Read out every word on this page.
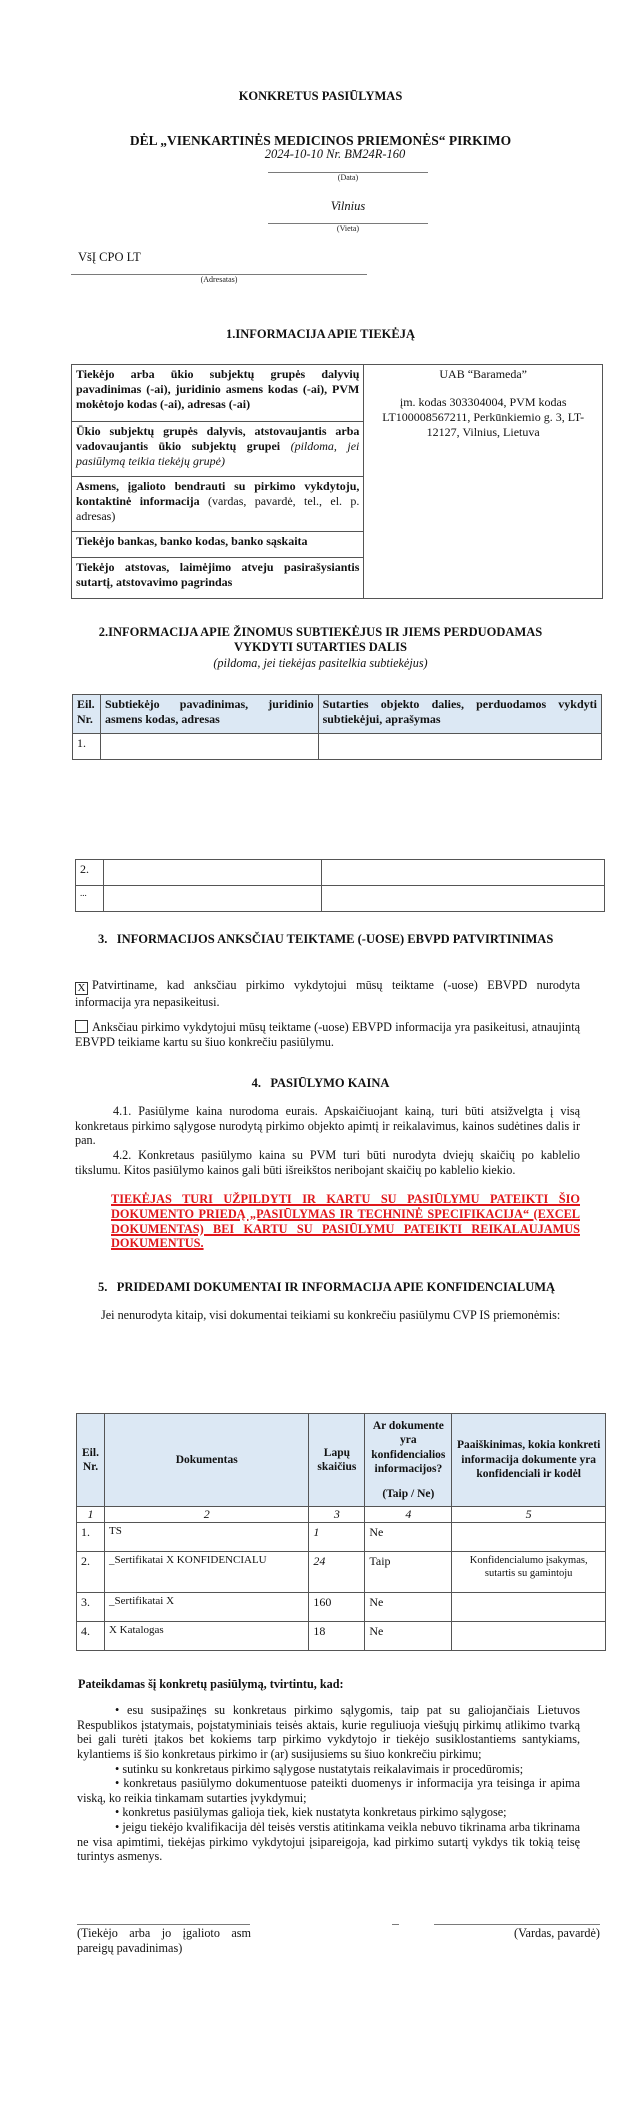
KONKRETUS PASIŪLYMAS
DĖL „VIENKARTINĖS MEDICINOS PRIEMONĖS“ PIRKIMO
2024-10-10 Nr. BM24R-160
(Data)
Vilnius
(Vieta)
VšĮ CPO LT
(Adresatas)
1.INFORMACIJA APIE TIEKĖJĄ
Tiekėjo arba ūkio subjektų grupės dalyvių pavadinimas (-ai), juridinio asmens kodas (-ai), PVM mokėtojo kodas (-ai), adresas (-ai)	
UAB “Barameda”
įm. kodas 303304004, PVM kodas LT100008567211, Perkūnkiemio g. 3, LT-12127, Vilnius, Lietuva

Ūkio subjektų grupės dalyvis, atstovaujantis arba vadovaujantis ūkio subjektų grupei (pildoma, jei pasiūlymą teikia tiekėjų grupė)
Asmens, įgalioto bendrauti su pirkimo vykdytoju, kontaktinė informacija (vardas, pavardė, tel., el. p. adresas)
Tiekėjo bankas, banko kodas, banko sąskaita
Tiekėjo atstovas, laimėjimo atveju pasirašysiantis sutartį, atstovavimo pagrindas
2.INFORMACIJA APIE ŽINOMUS SUBTIEKĖJUS IR JIEMS PERDUODAMAS
VYKDYTI SUTARTIES DALIS
(pildoma, jei tiekėjas pasitelkia subtiekėjus)
Eil. Nr.	Subtiekėjo pavadinimas, juridinio asmens kodas, adresas	Sutarties objekto dalies, perduodamos vykdyti subtiekėjui, aprašymas
1.		
2.		
...		
3.   INFORMACIJOS ANKSČIAU TEIKTAME (-UOSE) EBVPD PATVIRTINIMAS
X Patvirtiname, kad anksčiau pirkimo vykdytojui mūsų teiktame (-uose) EBVPD nurodyta informacija yra nepasikeitusi.
Anksčiau pirkimo vykdytojui mūsų teiktame (-uose) EBVPD informacija yra pasikeitusi, atnaujintą EBVPD teikiame kartu su šiuo konkrečiu pasiūlymu.
4.   PASIŪLYMO KAINA
4.1. Pasiūlyme kaina nurodoma eurais. Apskaičiuojant kainą, turi būti atsižvelgta į visą konkretaus pirkimo sąlygose nurodytą pirkimo objekto apimtį ir reikalavimus, kainos sudėtines dalis ir pan.
4.2. Konkretaus pasiūlymo kaina su PVM turi būti nurodyta dviejų skaičių po kablelio tikslumu. Kitos pasiūlymo kainos gali būti išreikštos neribojant skaičių po kablelio kiekio.
TIEKĖJAS TURI UŽPILDYTI IR KARTU SU PASIŪLYMU PATEIKTI ŠIO DOKUMENTO PRIEDĄ „PASIŪLYMAS IR TECHNINĖ SPECIFIKACIJA“ (EXCEL DOKUMENTAS) BEI KARTU SU PASIŪLYMU PATEIKTI REIKALAUJAMUS DOKUMENTUS.
5.   PRIDEDAMI DOKUMENTAI IR INFORMACIJA APIE KONFIDENCIALUMĄ
Jei nenurodyta kitaip, visi dokumentai teikiami su konkrečiu pasiūlymu CVP IS priemonėmis:
Eil. Nr.	Dokumentas	Lapų skaičius	Ar dokumente yra konfidencialios informacijos?
(Taip / Ne)	Paaiškinimas, kokia konkreti informacija dokumente yra konfidenciali ir kodėl
1	2	3	4	5
1.	TS	1	Ne	
2.	_Sertifikatai X KONFIDENCIALU	24	Taip	Konfidencialumo įsakymas, sutartis su gamintoju
3.	_Sertifikatai X	160	Ne	
4.	X Katalogas	18	Ne	
Pateikdamas šį konkretų pasiūlymą, tvirtintu, kad:

• esu susipažinęs su konkretaus pirkimo sąlygomis, taip pat su galiojančiais Lietuvos Respublikos įstatymais, poįstatyminiais teisės aktais, kurie reguliuoja viešųjų pirkimų atlikimo tvarką bei gali turėti įtakos bet kokiems tarp pirkimo vykdytojo ir tiekėjo susiklostantiems santykiams, kylantiems iš šio konkretaus pirkimo ir (ar) susijusiems su šiuo konkrečiu pirkimu;

• sutinku su konkretaus pirkimo sąlygose nustatytais reikalavimais ir procedūromis;

• konkretaus pasiūlymo dokumentuose pateikti duomenys ir informacija yra teisinga ir apima viską, ko reikia tinkamam sutarties įvykdymui;

• konkretus pasiūlymas galioja tiek, kiek nustatyta konkretaus pirkimo sąlygose;

• jeigu tiekėjo kvalifikacija dėl teisės verstis atitinkama veikla nebuvo tikrinama arba tikrinama ne visa apimtimi, tiekėjas pirkimo vykdytojui įsipareigoja, kad pirkimo sutartį vykdys tik tokią teisę turintys asmenys.

(Tiekėjo arba jo įgalioto asm pareigų pavadinimas)
(Vardas, pavardė)
